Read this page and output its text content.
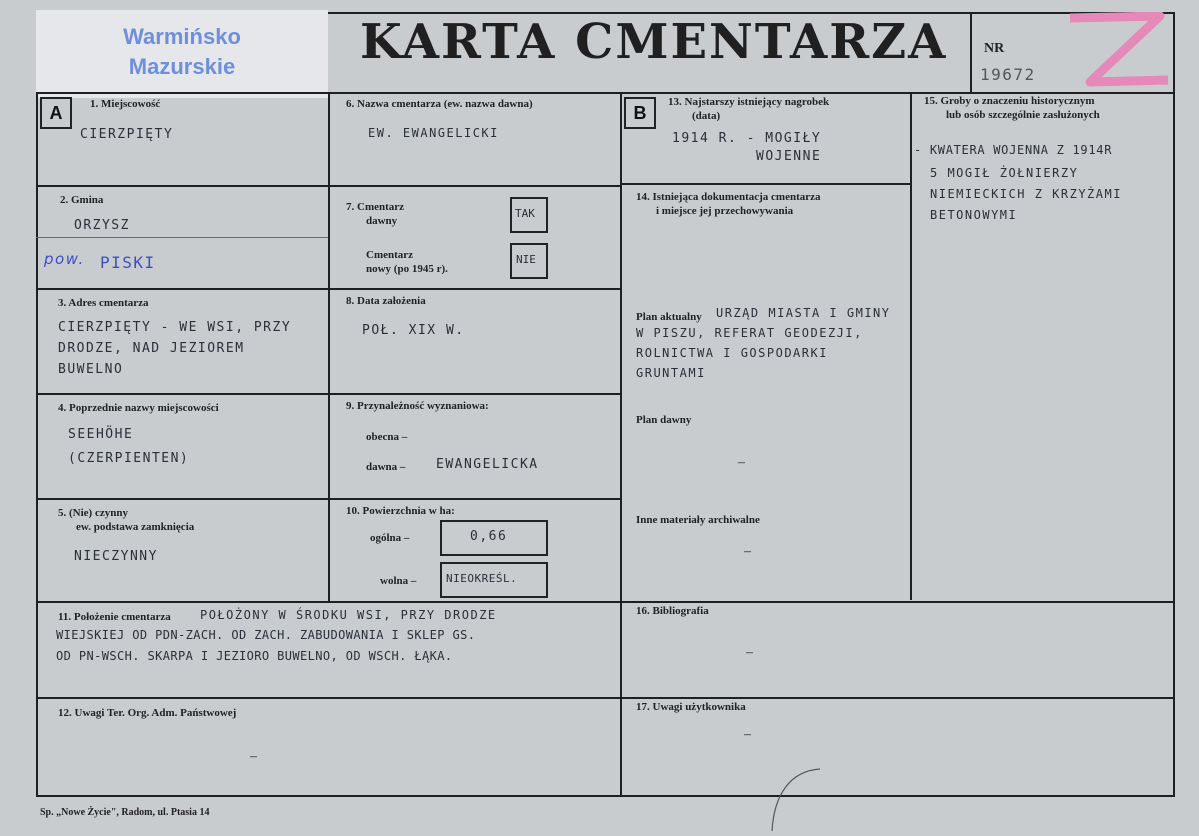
Warmińsko
Mazurskie	KARTA CMENTARZA	NR
19672
A	B
1. Miejscowość
CIERZPIĘTY
2. Gmina
ORZYSZ
pow. PISKI
3. Adres cmentarza
CIERZPIĘTY - WE WSI, PRZY
DRODZE, NAD JEZIOREM
BUWELNO
4. Poprzednie nazwy miejscowości
SEEHÖHE
(CZERPIENTEN)
5. (Nie) czynny
ew. podstawa zamknięcia
NIECZYNNY
6. Nazwa cmentarza (ew. nazwa dawna)
EW. EWANGELICKI
7. Cmentarz
dawny
TAK
Cmentarz
nowy (po 1945 r).
NIE
8. Data założenia
POŁ. XIX W.
9. Przynależność wyznaniowa:
obecna –
dawna – EWANGELICKA
10. Powierzchnia w ha:
ogólna –	0,66
wolna –	NIEOKREŚL.
13. Najstarszy istniejący nagrobek
(data)
1914 R. - MOGIŁY
WOJENNE
14. Istniejąca dokumentacja cmentarza
i miejsce jej przechowywania
Plan aktualny URZĄD MIASTA I GMINY
W PISZU, REFERAT GEODEZJI,
ROLNICTWA I GOSPODARKI
GRUNTAMI
Plan dawny
–
Inne materiały archiwalne
–
15. Groby o znaczeniu historycznym
lub osób szczególnie zasłużonych
- KWATERA WOJENNA Z 1914R
5 MOGIŁ ŻOŁNIERZY
NIEMIECKICH Z KRZYŻAMI
BETONOWYMI
11. Położenie cmentarza POŁOŻONY W ŚRODKU WSI, PRZY DRODZE
WIEJSKIEJ OD PDN-ZACH. OD ZACH. ZABUDOWANIA I SKLEP GS.
OD PN-WSCH. SKARPA I JEZIORO BUWELNO, OD WSCH. ŁĄKA.
12. Uwagi Ter. Org. Adm. Państwowej
–
16. Bibliografia
–
17. Uwagi użytkownika
–
Sp. „Nowe Życie", Radom, ul. Ptasia 14
